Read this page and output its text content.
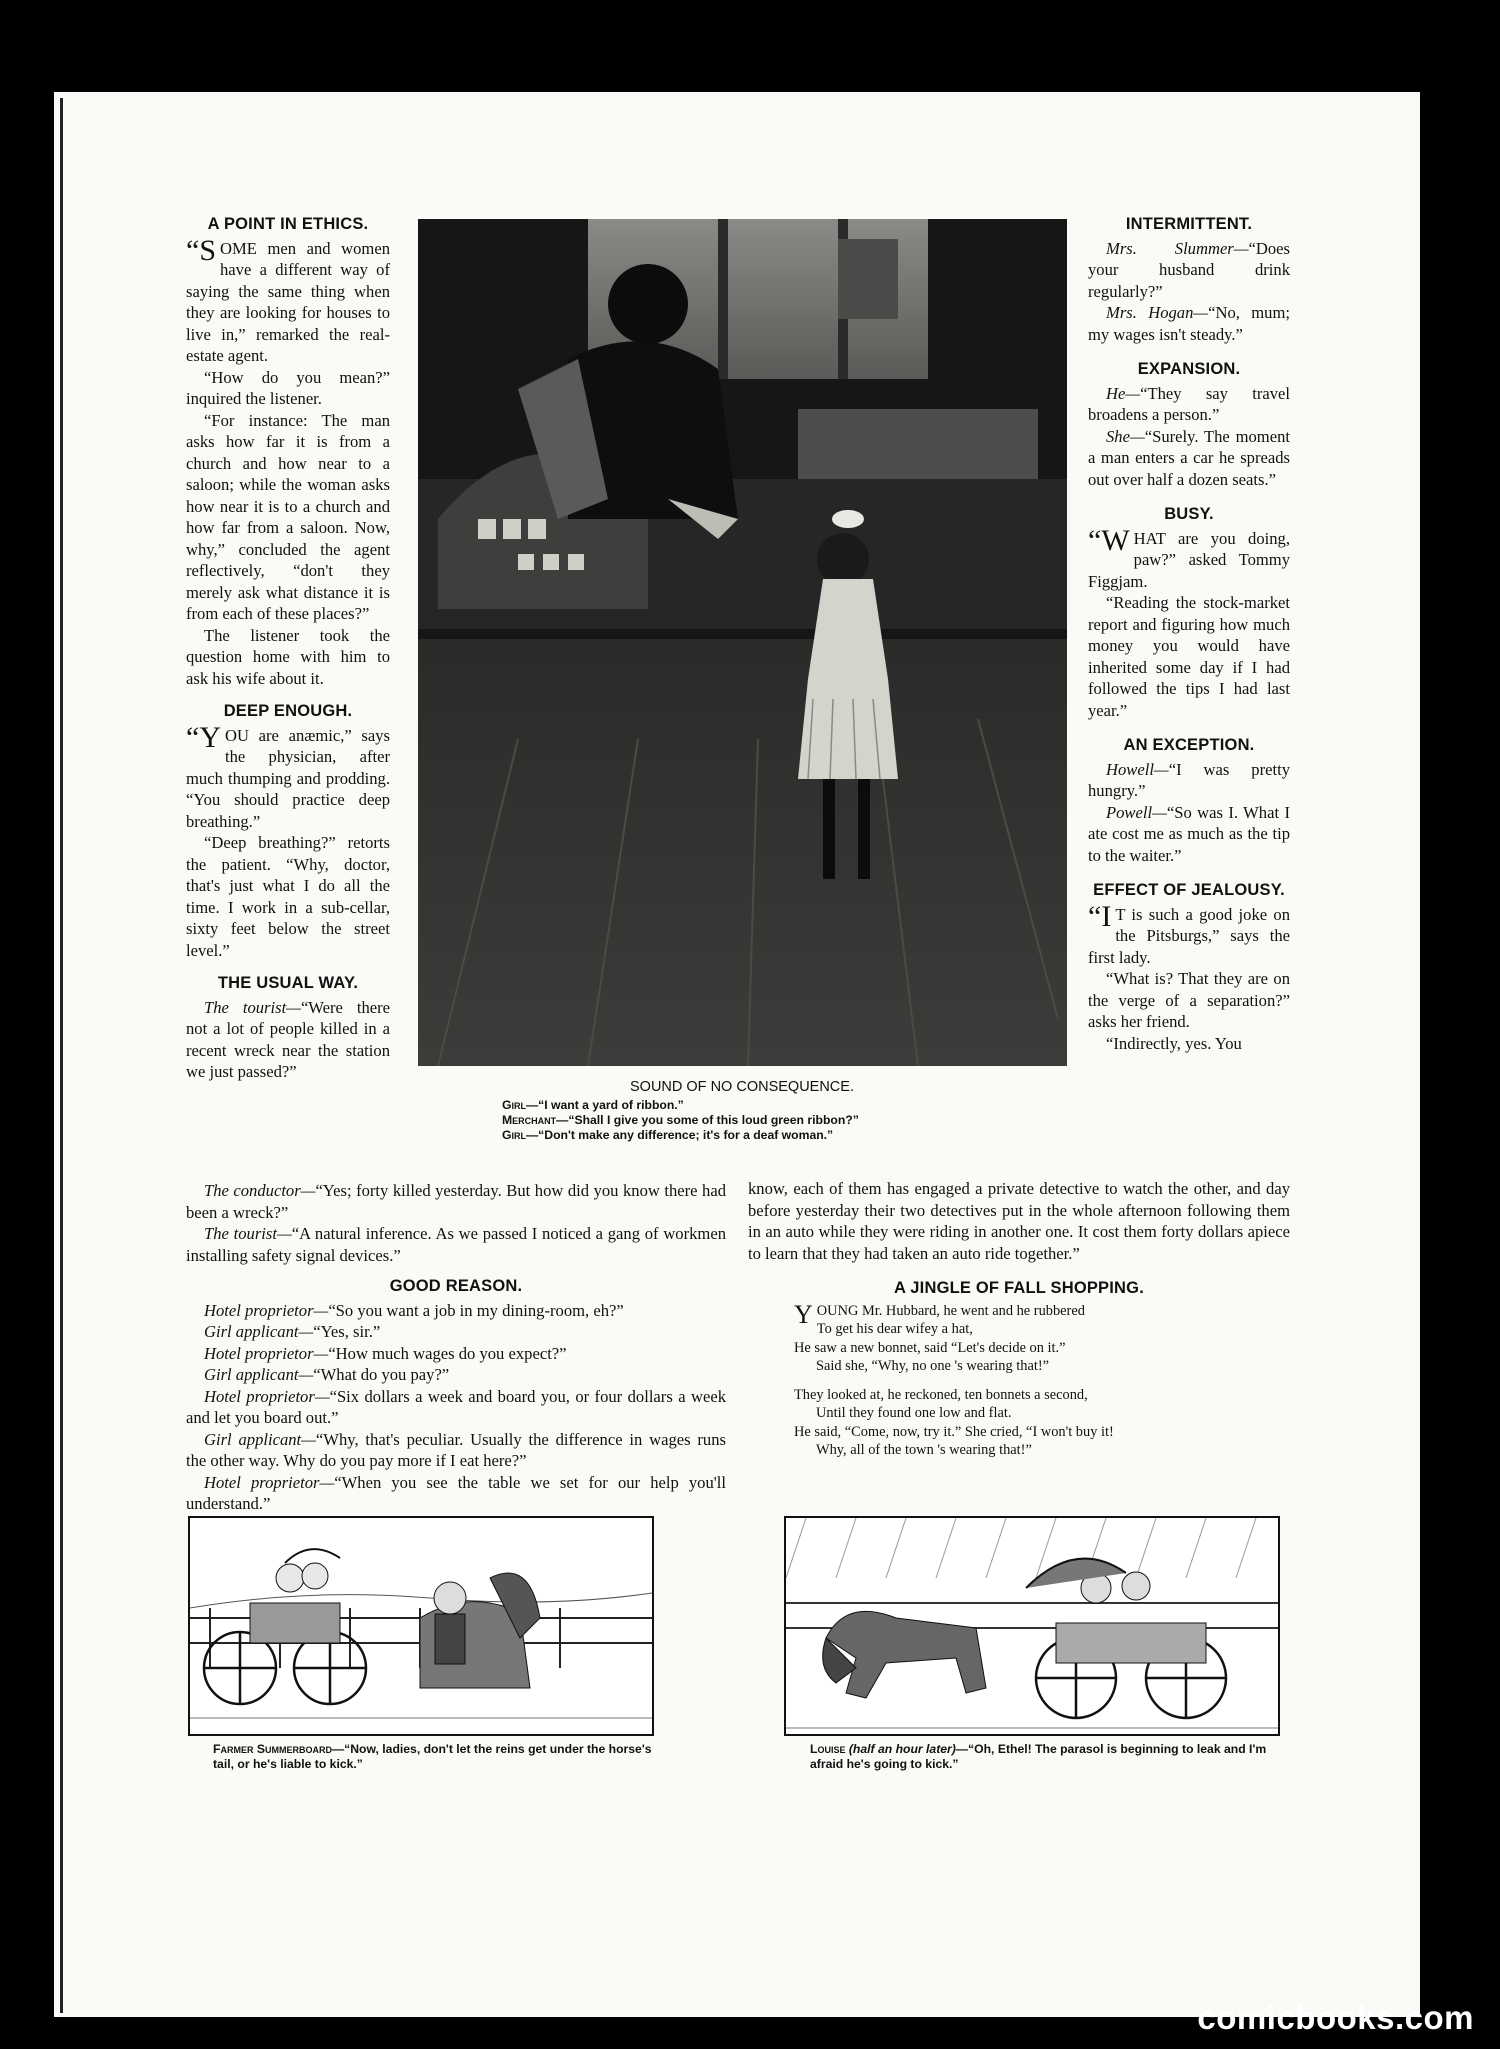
A POINT IN ETHICS.

“SOME men and women have a different way of saying the same thing when they are looking for houses to live in,” remarked the real-estate agent.

“How do you mean?” inquired the listener.

“For instance: The man asks how far it is from a church and how near to a saloon; while the woman asks how near it is to a church and how far from a saloon. Now, why,” concluded the agent reflectively, “don't they merely ask what distance it is from each of these places?”

The listener took the question home with him to ask his wife about it.

DEEP ENOUGH.

“YOU are anæmic,” says the physician, after much thumping and prodding. “You should practice deep breathing.”

“Deep breathing?” retorts the patient. “Why, doctor, that's just what I do all the time. I work in a sub-cellar, sixty feet below the street level.”

THE USUAL WAY.

The tourist—“Were there not a lot of people killed in a recent wreck near the station we just passed?”

SOUND OF NO CONSEQUENCE.
Girl—“I want a yard of ribbon.”
Merchant—“Shall I give you some of this loud green ribbon?”
Girl—“Don't make any difference; it's for a deaf woman.”
INTERMITTENT.

Mrs. Slummer—“Does your husband drink regularly?”

Mrs. Hogan—“No, mum; my wages isn't steady.”

EXPANSION.

He—“They say travel broadens a person.”

She—“Surely. The moment a man enters a car he spreads out over half a dozen seats.”

BUSY.

“WHAT are you doing, paw?” asked Tommy Figgjam.

“Reading the stock-market report and figuring how much money you would have inherited some day if I had followed the tips I had last year.”

AN EXCEPTION.

Howell—“I was pretty hungry.”

Powell—“So was I. What I ate cost me as much as the tip to the waiter.”

EFFECT OF JEALOUSY.

“I T is such a good joke on the Pitsburgs,” says the first lady.

“What is? That they are on the verge of a separation?” asks her friend.

“Indirectly, yes. You

The conductor—“Yes; forty killed yesterday. But how did you know there had been a wreck?”

The tourist—“A natural inference. As we passed I noticed a gang of workmen installing safety signal devices.”

GOOD REASON.

Hotel proprietor—“So you want a job in my dining-room, eh?”

Girl applicant—“Yes, sir.”

Hotel proprietor—“How much wages do you expect?”

Girl applicant—“What do you pay?”

Hotel proprietor—“Six dollars a week and board you, or four dollars a week and let you board out.”

Girl applicant—“Why, that's peculiar. Usually the difference in wages runs the other way. Why do you pay more if I eat here?”

Hotel proprietor—“When you see the table we set for our help you'll understand.”

know, each of them has engaged a private detective to watch the other, and day before yesterday their two detectives put in the whole afternoon following them in an auto while they were riding in another one. It cost them forty dollars apiece to learn that they had taken an auto ride together.”

A JINGLE OF FALL SHOPPING.

YOUNG Mr. Hubbard, he went and he rubbered

To get his dear wifey a hat,

He saw a new bonnet, said “Let's decide on it.”

Said she, “Why, no one 's wearing that!”

They looked at, he reckoned, ten bonnets a second,

Until they found one low and flat.

He said, “Come, now, try it.” She cried, “I won't buy it!

Why, all of the town 's wearing that!”

Farmer Summerboard—“Now, ladies, don't let the reins get under the horse's tail, or he's liable to kick.”
Louise (half an hour later)—“Oh, Ethel! The parasol is beginning to leak and I'm afraid he's going to kick.”
comicbooks.com
